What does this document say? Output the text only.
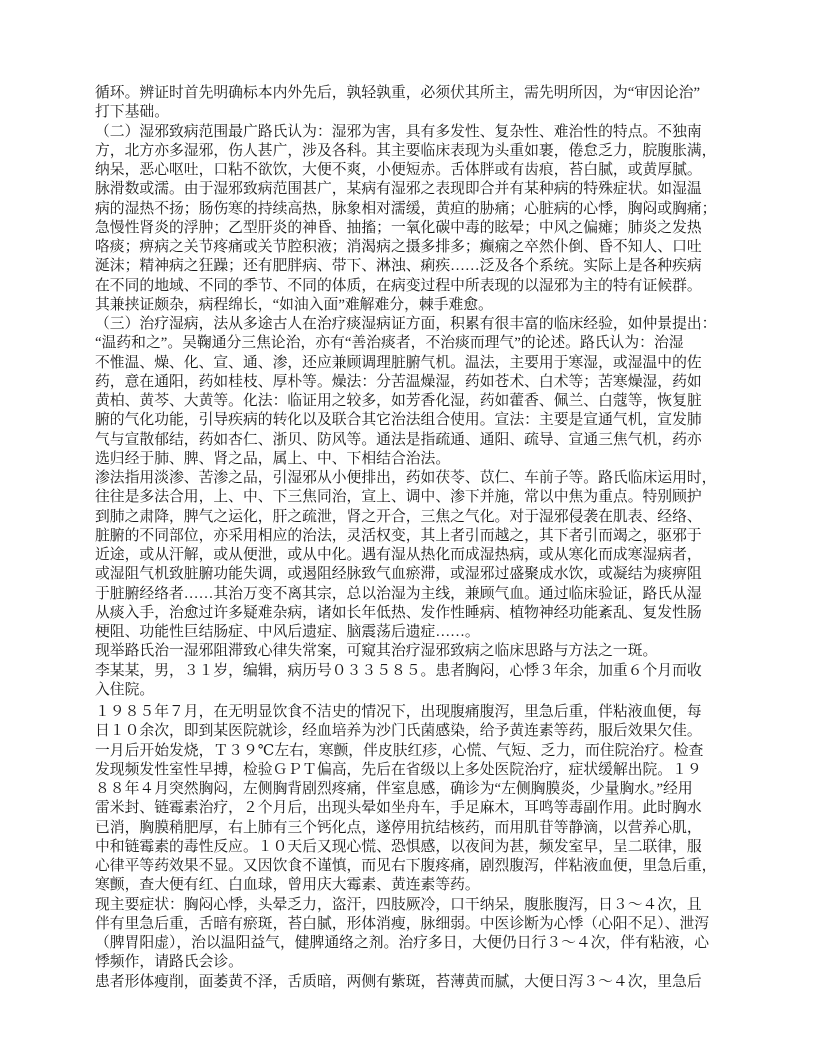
循环。辨证时首先明确标本内外先后，孰轻孰重，必须伏其所主，需先明所因，为“审因论治”
打下基础。
（二）湿邪致病范围最广路氏认为：湿邪为害，具有多发性、复杂性、难治性的特点。不独南
方，北方亦多湿邪，伤人甚广，涉及各科。其主要临床表现为头重如裹，倦怠乏力，脘腹胀满，
纳呆，恶心呕吐，口粘不欲饮，大便不爽，小便短赤。舌体胖或有齿痕，苔白腻，或黄厚腻。
脉滑数或濡。由于湿邪致病范围甚广，某病有湿邪之表现即合并有某种病的特殊症状。如湿温
病的湿热不扬；肠伤寒的持续高热，脉象相对濡缓，黄疸的胁痛；心脏病的心悸，胸闷或胸痛；
急慢性肾炎的浮肿；乙型肝炎的神昏、抽搐；一氧化碳中毒的眩晕；中风之偏瘫；肺炎之发热
咯痰；痹病之关节疼痛或关节腔积液；消渴病之摄多排多；癫痫之卒然仆倒、昏不知人、口吐
涎沫；精神病之狂躁；还有肥胖病、带下、淋浊、痢疾……泛及各个系统。实际上是各种疾病
在不同的地域、不同的季节、不同的体质，在病变过程中所表现的以湿邪为主的特有证候群。
其兼挟证颇杂，病程绵长，“如油入面”难解难分，棘手难愈。
（三）治疗湿病，法从多途古人在治疗痰湿病证方面，积累有很丰富的临床经验，如仲景提出：
“温药和之”。吴鞠通分三焦论治，亦有“善治痰者，不治痰而理气”的论述。路氏认为：治湿
不惟温、燥、化、宣、通、渗，还应兼顾调理脏腑气机。温法，主要用于寒湿，或湿温中的佐
药，意在通阳，药如桂枝、厚朴等。燥法：分苦温燥湿，药如苍术、白术等；苦寒燥湿，药如
黄柏、黄芩、大黄等。化法：临证用之较多，如芳香化湿，药如藿香、佩兰、白蔻等，恢复脏
腑的气化功能，引导疾病的转化以及联合其它治法组合使用。宣法：主要是宣通气机，宣发肺
气与宣散郁结，药如杏仁、浙贝、防风等。通法是指疏通、通阳、疏导、宣通三焦气机，药亦
选归经于肺、脾、肾之品，属上、中、下相结合治法。
渗法指用淡渗、苦渗之品，引湿邪从小便排出，药如茯苓、苡仁、车前子等。路氏临床运用时，
往往是多法合用，上、中、下三焦同治，宣上、调中、渗下并施，常以中焦为重点。特别顾护
到肺之肃降，脾气之运化，肝之疏泄，肾之开合，三焦之气化。对于湿邪侵袭在肌表、经络、
脏腑的不同部位，亦采用相应的治法，灵活权变，其上者引而越之，其下者引而竭之，驱邪于
近途，或从汗解，或从便泄，或从中化。遇有湿从热化而成湿热病，或从寒化而成寒湿病者，
或湿阻气机致脏腑功能失调，或遏阻经脉致气血瘀滞，或湿邪过盛聚成水饮，或凝结为痰痹阻
于脏腑经络者……其治万变不离其宗，总以治湿为主线，兼顾气血。通过临床验证，路氏从湿
从痰入手，治愈过许多疑难杂病，诸如长年低热、发作性睡病、植物神经功能紊乱、复发性肠
梗阻、功能性巨结肠症、中风后遗症、脑震荡后遗症……。
现举路氏治一湿邪阻滞致心律失常案，可窥其治疗湿邪致病之临床思路与方法之一斑。
李某某，男，３１岁，编辑，病历号０３３５８５。患者胸闷，心悸３年余，加重６个月而收
入住院。
１９８５年７月，在无明显饮食不洁史的情况下，出现腹痛腹泻，里急后重，伴粘液血便，每
日１０余次，即到某医院就诊，经血培养为沙门氏菌感染，给予黄连素等药，服后效果欠佳。
一月后开始发烧，Ｔ３９℃左右，寒颤，伴皮肤红疹，心慌、气短、乏力，而住院治疗。检查
发现频发性室性早搏，检验ＧＰＴ偏高，先后在省级以上多处医院治疗，症状缓解出院。１９
８８年４月突然胸闷，左侧胸背剧烈疼痛，伴室息感，确诊为“左侧胸膜炎，少量胸水。”经用
雷米封、链霉素治疗，２个月后，出现头晕如坐舟车，手足麻木，耳鸣等毒副作用。此时胸水
已消，胸膜稍肥厚，右上肺有三个钙化点，遂停用抗结核药，而用肌苷等静滴，以营养心肌，
中和链霉素的毒性反应。１０天后又现心慌、恐惧感，以夜间为甚，频发室早，呈二联律，服
心律平等药效果不显。又因饮食不谨慎，而见右下腹疼痛，剧烈腹泻，伴粘液血便，里急后重，
寒颤，查大便有红、白血球，曾用庆大霉素、黄连素等药。
现主要症状：胸闷心悸，头晕乏力，盗汗，四肢厥冷，口干纳呆，腹胀腹泻，日３～４次，且
伴有里急后重，舌暗有瘀斑，苔白腻，形体消瘦，脉细弱。中医诊断为心悸（心阳不足）、泄泻
（脾胃阳虚），治以温阳益气，健脾通络之剂。治疗多日，大便仍日行３～４次，伴有粘液，心
悸频作，请路氏会诊。
患者形体瘦削，面萎黄不泽，舌质暗，两侧有紫斑，苔薄黄而腻，大便日泻３～４次，里急后
